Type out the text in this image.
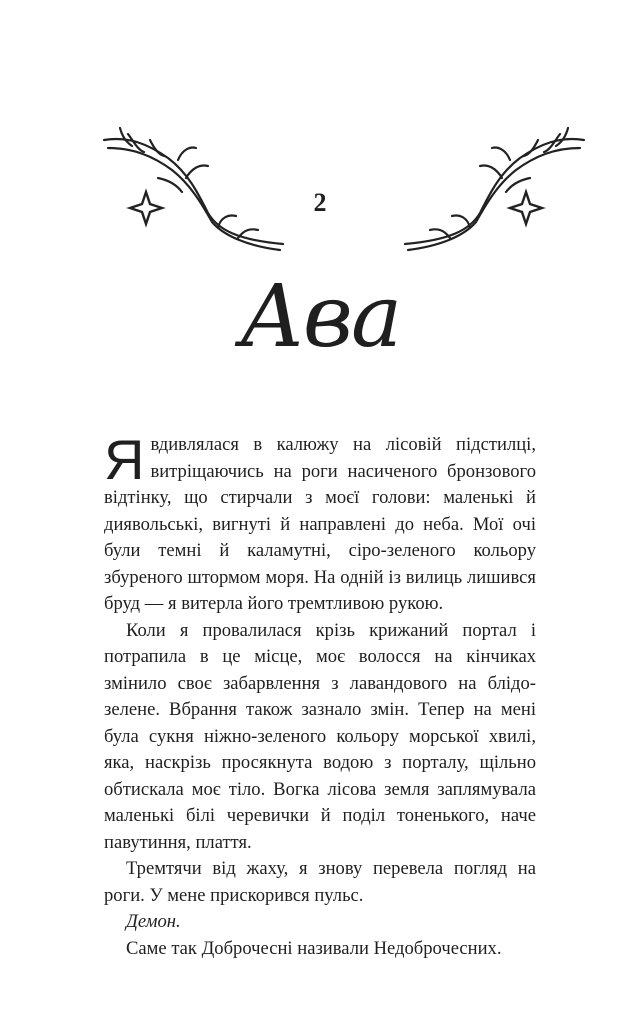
2
Ава

Я вдивлялася в калюжу на лісовій підстилці, витріщаючись на роги насиченого бронзового відтінку, що стирчали з моєї голови: маленькі й диявольські, вигнуті й направлені до неба. Мої очі були темні й каламутні, сіро-зеленого кольору збуреного штормом моря. На одній із вилиць лишився бруд — я витерла його тремтливою рукою.

Коли я провалилася крізь крижаний портал і потрапила в це місце, моє волосся на кінчиках змінило своє забарвлення з лавандового на блідо-зелене. Вбрання також зазнало змін. Тепер на мені була сукня ніжно-зеленого кольору морської хвилі, яка, наскрізь просякнута водою з порталу, щільно обтискала моє тіло. Вогка лісова земля заплямувала маленькі білі черевички й поділ тоненького, наче павутиння, плаття.

Тремтячи від жаху, я знову перевела погляд на роги. У мене прискорився пульс.

Демон.

Саме так Доброчесні називали Недоброчесних.
